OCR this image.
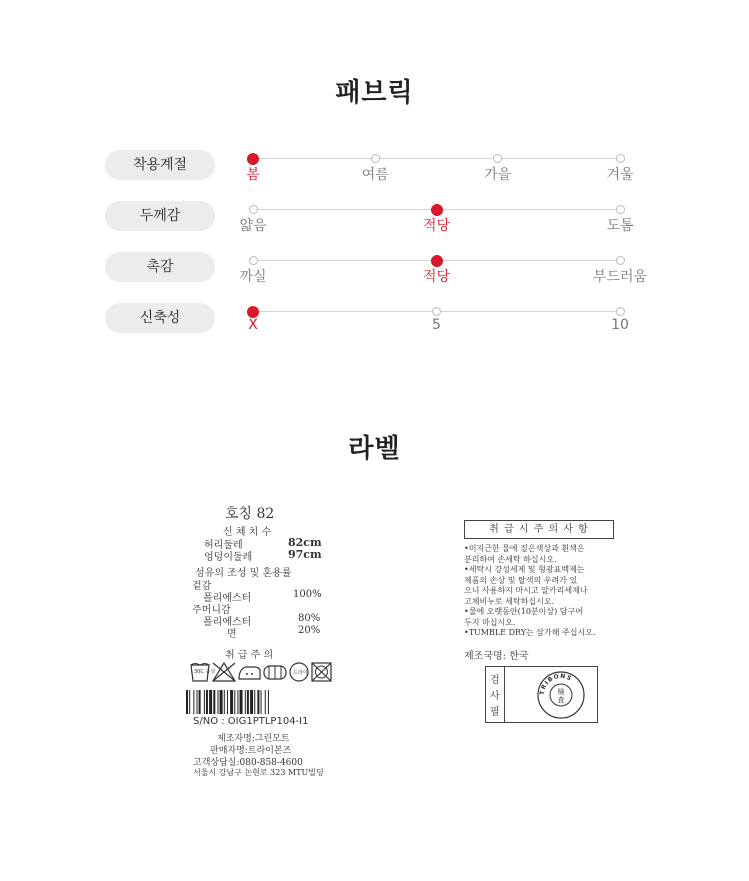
패브릭
착용계절
봄	여름	가을	겨울
두께감
얇음	적당	도톰
촉감
까실	적당	부드러움
신축성	X	5	10
라벨
호칭 82
신 체 치 수
허리둘레	82cm
엉덩이둘레	97cm
섬유의 조성 및 혼용률
겉감
폴리에스터	100%
주머니감
폴리에스터	80%
면	20%
취 급 주 의
30C 중성	드라이
S/NO : OIG1PTLP104-I1
제조자명:그린모트
판매자명:트라이본즈
고객상담실:080-858-4600
서울시 강남구 논현로 323 MTU빌딩
취 급 시 주 의 사 항
•미지근한 물에 짙은색상과 흰색은
분리하여 손세탁 하십시오.
•세탁시 강성세제 및 형광표백제는
제품의 손상 및 탈색의 우려가 있
으니 사용하지 마시고 알카리세제나
고체비누로 세탁하십시오.
•물에 오랫동안(10분이상) 담구어
두지 마십시오.
•TUMBLE DRY는 삼가해 주십시오.
제조국명: 한국
검
사
필
TRIBONS
檢
査
